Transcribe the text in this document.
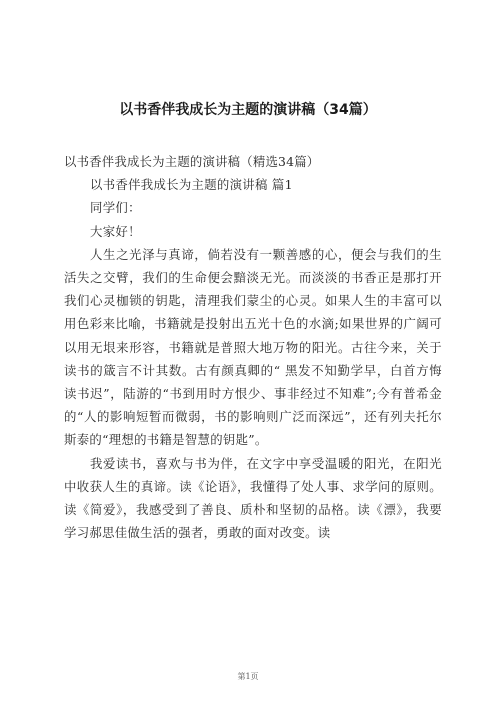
以书香伴我成长为主题的演讲稿（34篇）

以书香伴我成长为主题的演讲稿（精选34篇）

以书香伴我成长为主题的演讲稿 篇1

同学们：

大家好！

人生之光泽与真谛，倘若没有一颗善感的心，便会与我们的生活失之交臂，我们的生命便会黯淡无光。而淡淡的书香正是那打开我们心灵枷锁的钥匙，清理我们蒙尘的心灵。如果人生的丰富可以用色彩来比喻，书籍就是投射出五光十色的水滴;如果世界的广阔可以用无垠来形容，书籍就是普照大地万物的阳光。古往今来，关于读书的箴言不计其数。古有颜真卿的“ 黑发不知勤学早，白首方悔读书迟”，陆游的“书到用时方恨少、事非经过不知难”;今有普希金的“人的影响短暂而微弱，书的影响则广泛而深远”，还有列夫托尔斯泰的“理想的书籍是智慧的钥匙”。

我爱读书，喜欢与书为伴，在文字中享受温暖的阳光，在阳光中收获人生的真谛。读《论语》，我懂得了处人事、求学问的原则。读《简爱》，我感受到了善良、质朴和坚韧的品格。读《漂》，我要学习郝思佳做生活的强者，勇敢的面对改变。读

第1页
